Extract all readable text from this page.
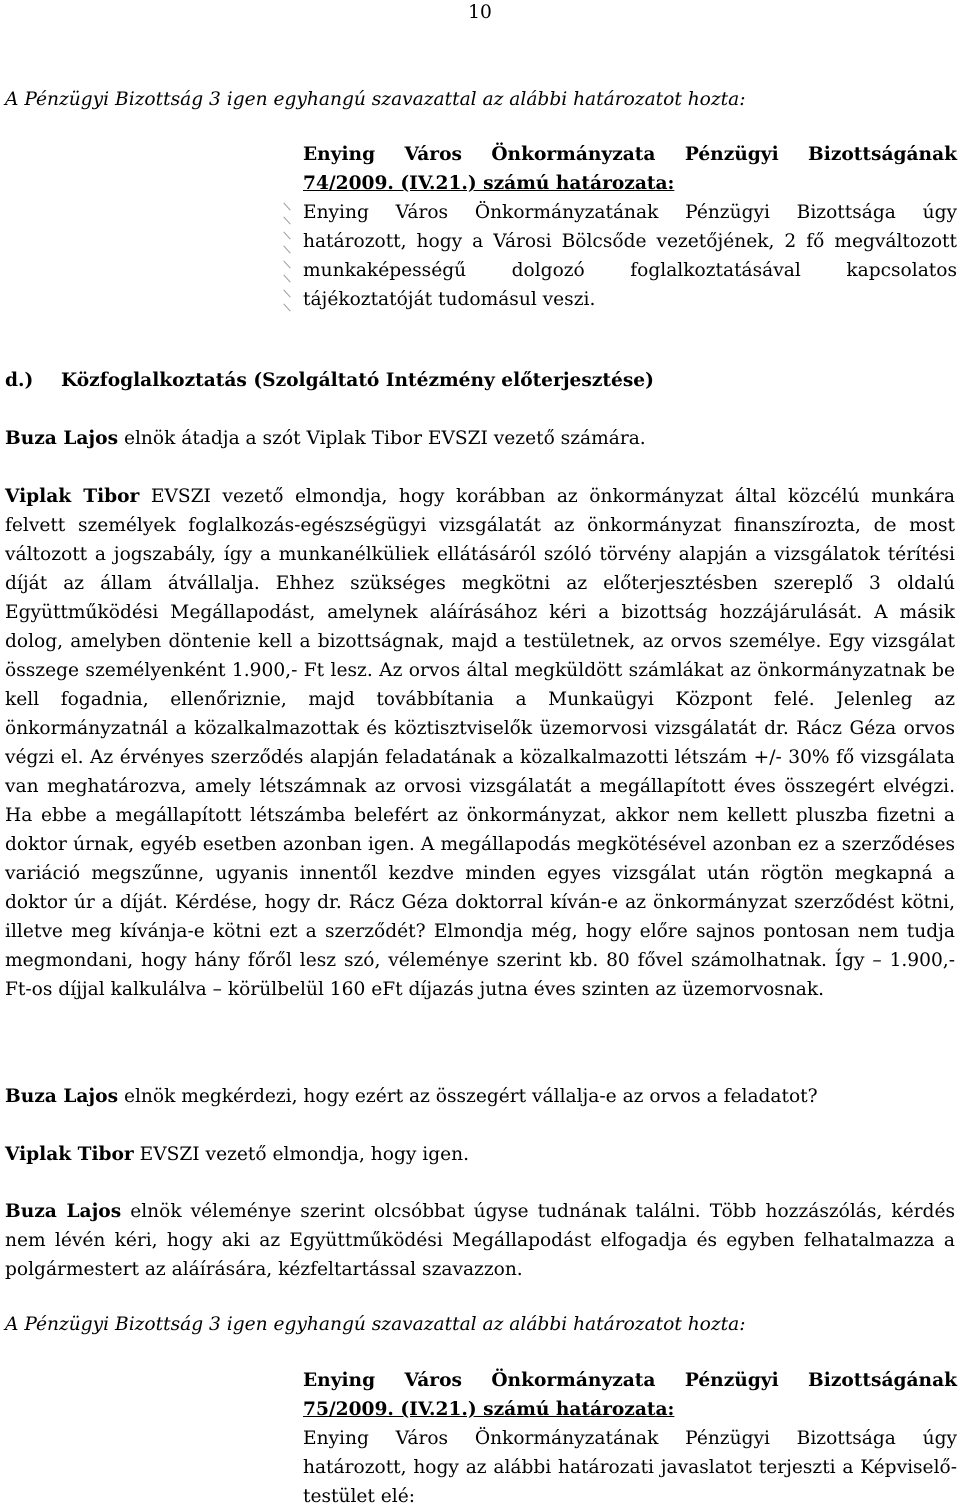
10
A Pénzügyi Bizottság 3 igen egyhangú szavazattal az alábbi határozatot hozta:
Enying Város Önkormányzata Pénzügyi Bizottságának
74/2009. (IV.21.) számú határozata:
Enying Város Önkormányzatának Pénzügyi Bizottsága úgy határozott, hogy a Városi Bölcsőde vezetőjének, 2 fő megváltozott munkaképességű dolgozó foglalkoztatásával kapcsolatos tájékoztatóját tudomásul veszi.
d.) Közfoglalkoztatás (Szolgáltató Intézmény előterjesztése)
Buza Lajos elnök átadja a szót Viplak Tibor EVSZI vezető számára.
Viplak Tibor EVSZI vezető elmondja, hogy korábban az önkormányzat által közcélú munkára felvett személyek foglalkozás-egészségügyi vizsgálatát az önkormányzat finanszírozta, de most változott a jogszabály, így a munkanélküliek ellátásáról szóló törvény alapján a vizsgálatok térítési díját az állam átvállalja. Ehhez szükséges megkötni az előterjesztésben szereplő 3 oldalú Együttműködési Megállapodást, amelynek aláírásához kéri a bizottság hozzájárulását. A másik dolog, amelyben döntenie kell a bizottságnak, majd a testületnek, az orvos személye. Egy vizsgálat összege személyenként 1.900,- Ft lesz. Az orvos által megküldött számlákat az önkormányzatnak be kell fogadnia, ellenőriznie, majd továbbítania a Munkaügyi Központ felé. Jelenleg az önkormányzatnál a közalkalmazottak és köztisztviselők üzemorvosi vizsgálatát dr. Rácz Géza orvos végzi el. Az érvényes szerződés alapján feladatának a közalkalmazotti létszám +/- 30% fő vizsgálata van meghatározva, amely létszámnak az orvosi vizsgálatát a megállapított éves összegért elvégzi. Ha ebbe a megállapított létszámba belefért az önkormányzat, akkor nem kellett pluszba fizetni a doktor úrnak, egyéb esetben azonban igen. A megállapodás megkötésével azonban ez a szerződéses variáció megszűnne, ugyanis innentől kezdve minden egyes vizsgálat után rögtön megkapná a doktor úr a díját. Kérdése, hogy dr. Rácz Géza doktorral kíván-e az önkormányzat szerződést kötni, illetve meg kívánja-e kötni ezt a szerződét? Elmondja még, hogy előre sajnos pontosan nem tudja megmondani, hogy hány főről lesz szó, véleménye szerint kb. 80 fővel számolhatnak. Így – 1.900,- Ft-os díjjal kalkulálva – körülbelül 160 eFt díjazás jutna éves szinten az üzemorvosnak.
Buza Lajos elnök megkérdezi, hogy ezért az összegért vállalja-e az orvos a feladatot?
Viplak Tibor EVSZI vezető elmondja, hogy igen.
Buza Lajos elnök véleménye szerint olcsóbbat úgyse tudnának találni. Több hozzászólás, kérdés nem lévén kéri, hogy aki az Együttműködési Megállapodást elfogadja és egyben felhatalmazza a polgármestert az aláírására, kézfeltartással szavazzon.
A Pénzügyi Bizottság 3 igen egyhangú szavazattal az alábbi határozatot hozta:
Enying Város Önkormányzata Pénzügyi Bizottságának
75/2009. (IV.21.) számú határozata:
Enying Város Önkormányzatának Pénzügyi Bizottsága úgy határozott, hogy az alábbi határozati javaslatot terjeszti a Képviselő-testület elé:
